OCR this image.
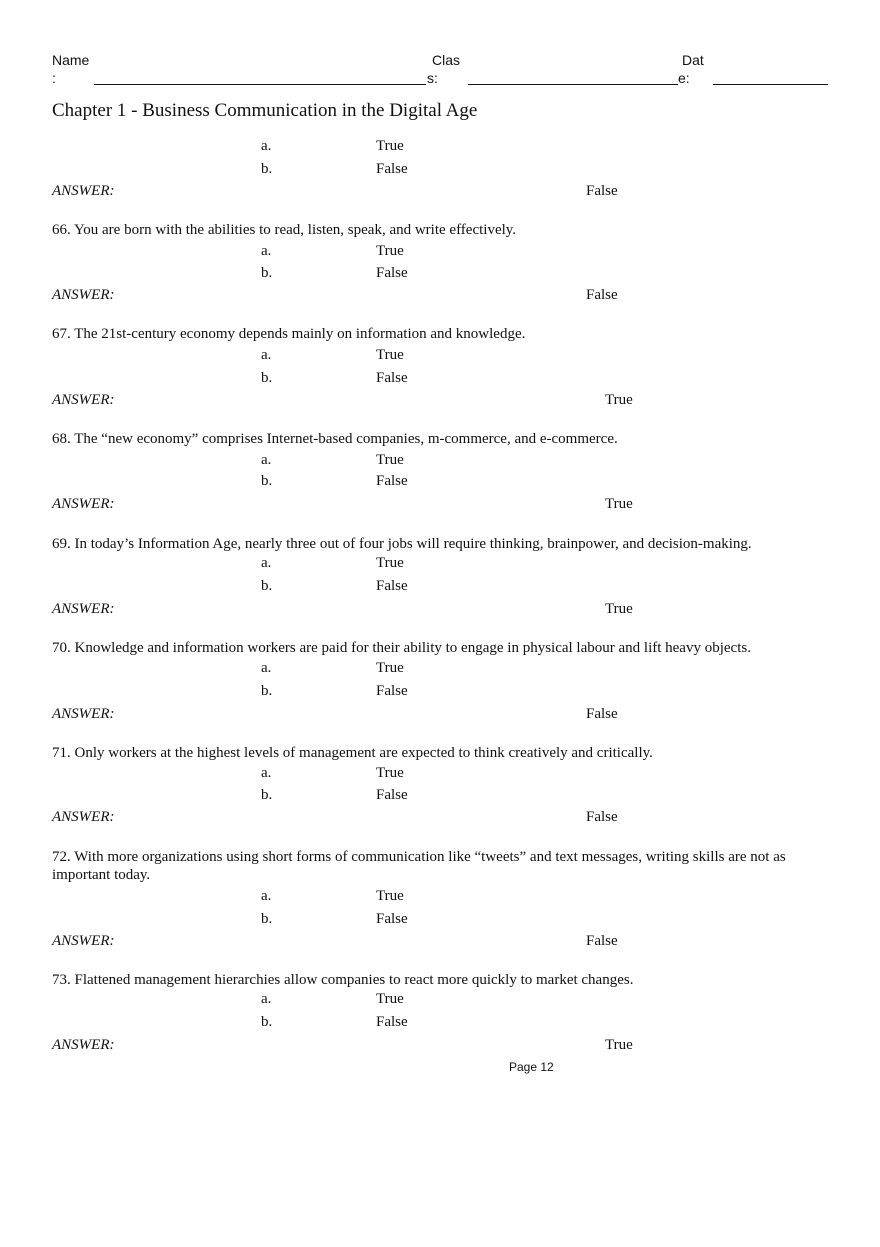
Name
:
Clas
s:
Dat
e:
Chapter 1 - Business Communication in the Digital Age
a.	True
b.	False
ANSWER:	False
66. You are born with the abilities to read, listen, speak, and write effectively.
a.	True
b.	False
ANSWER:	False
67. The 21st-century economy depends mainly on information and knowledge.
a.	True
b.	False
ANSWER:	True
68. The “new economy” comprises Internet-based companies, m-commerce, and e-commerce.
a.	True
b.	False
ANSWER:	True
69. In today’s Information Age, nearly three out of four jobs will require thinking, brainpower, and decision-making.
a.	True
b.	False
ANSWER:	True
70. Knowledge and information workers are paid for their ability to engage in physical labour and lift heavy objects.
a.	True
b.	False
ANSWER:	False
71. Only workers at the highest levels of management are expected to think creatively and critically.
a.	True
b.	False
ANSWER:	False
72. With more organizations using short forms of communication like “tweets” and text messages, writing skills are not as important today.
a.	True
b.	False
ANSWER:	False
73. Flattened management hierarchies allow companies to react more quickly to market changes.
a.	True
b.	False
ANSWER:	True
Page 12
